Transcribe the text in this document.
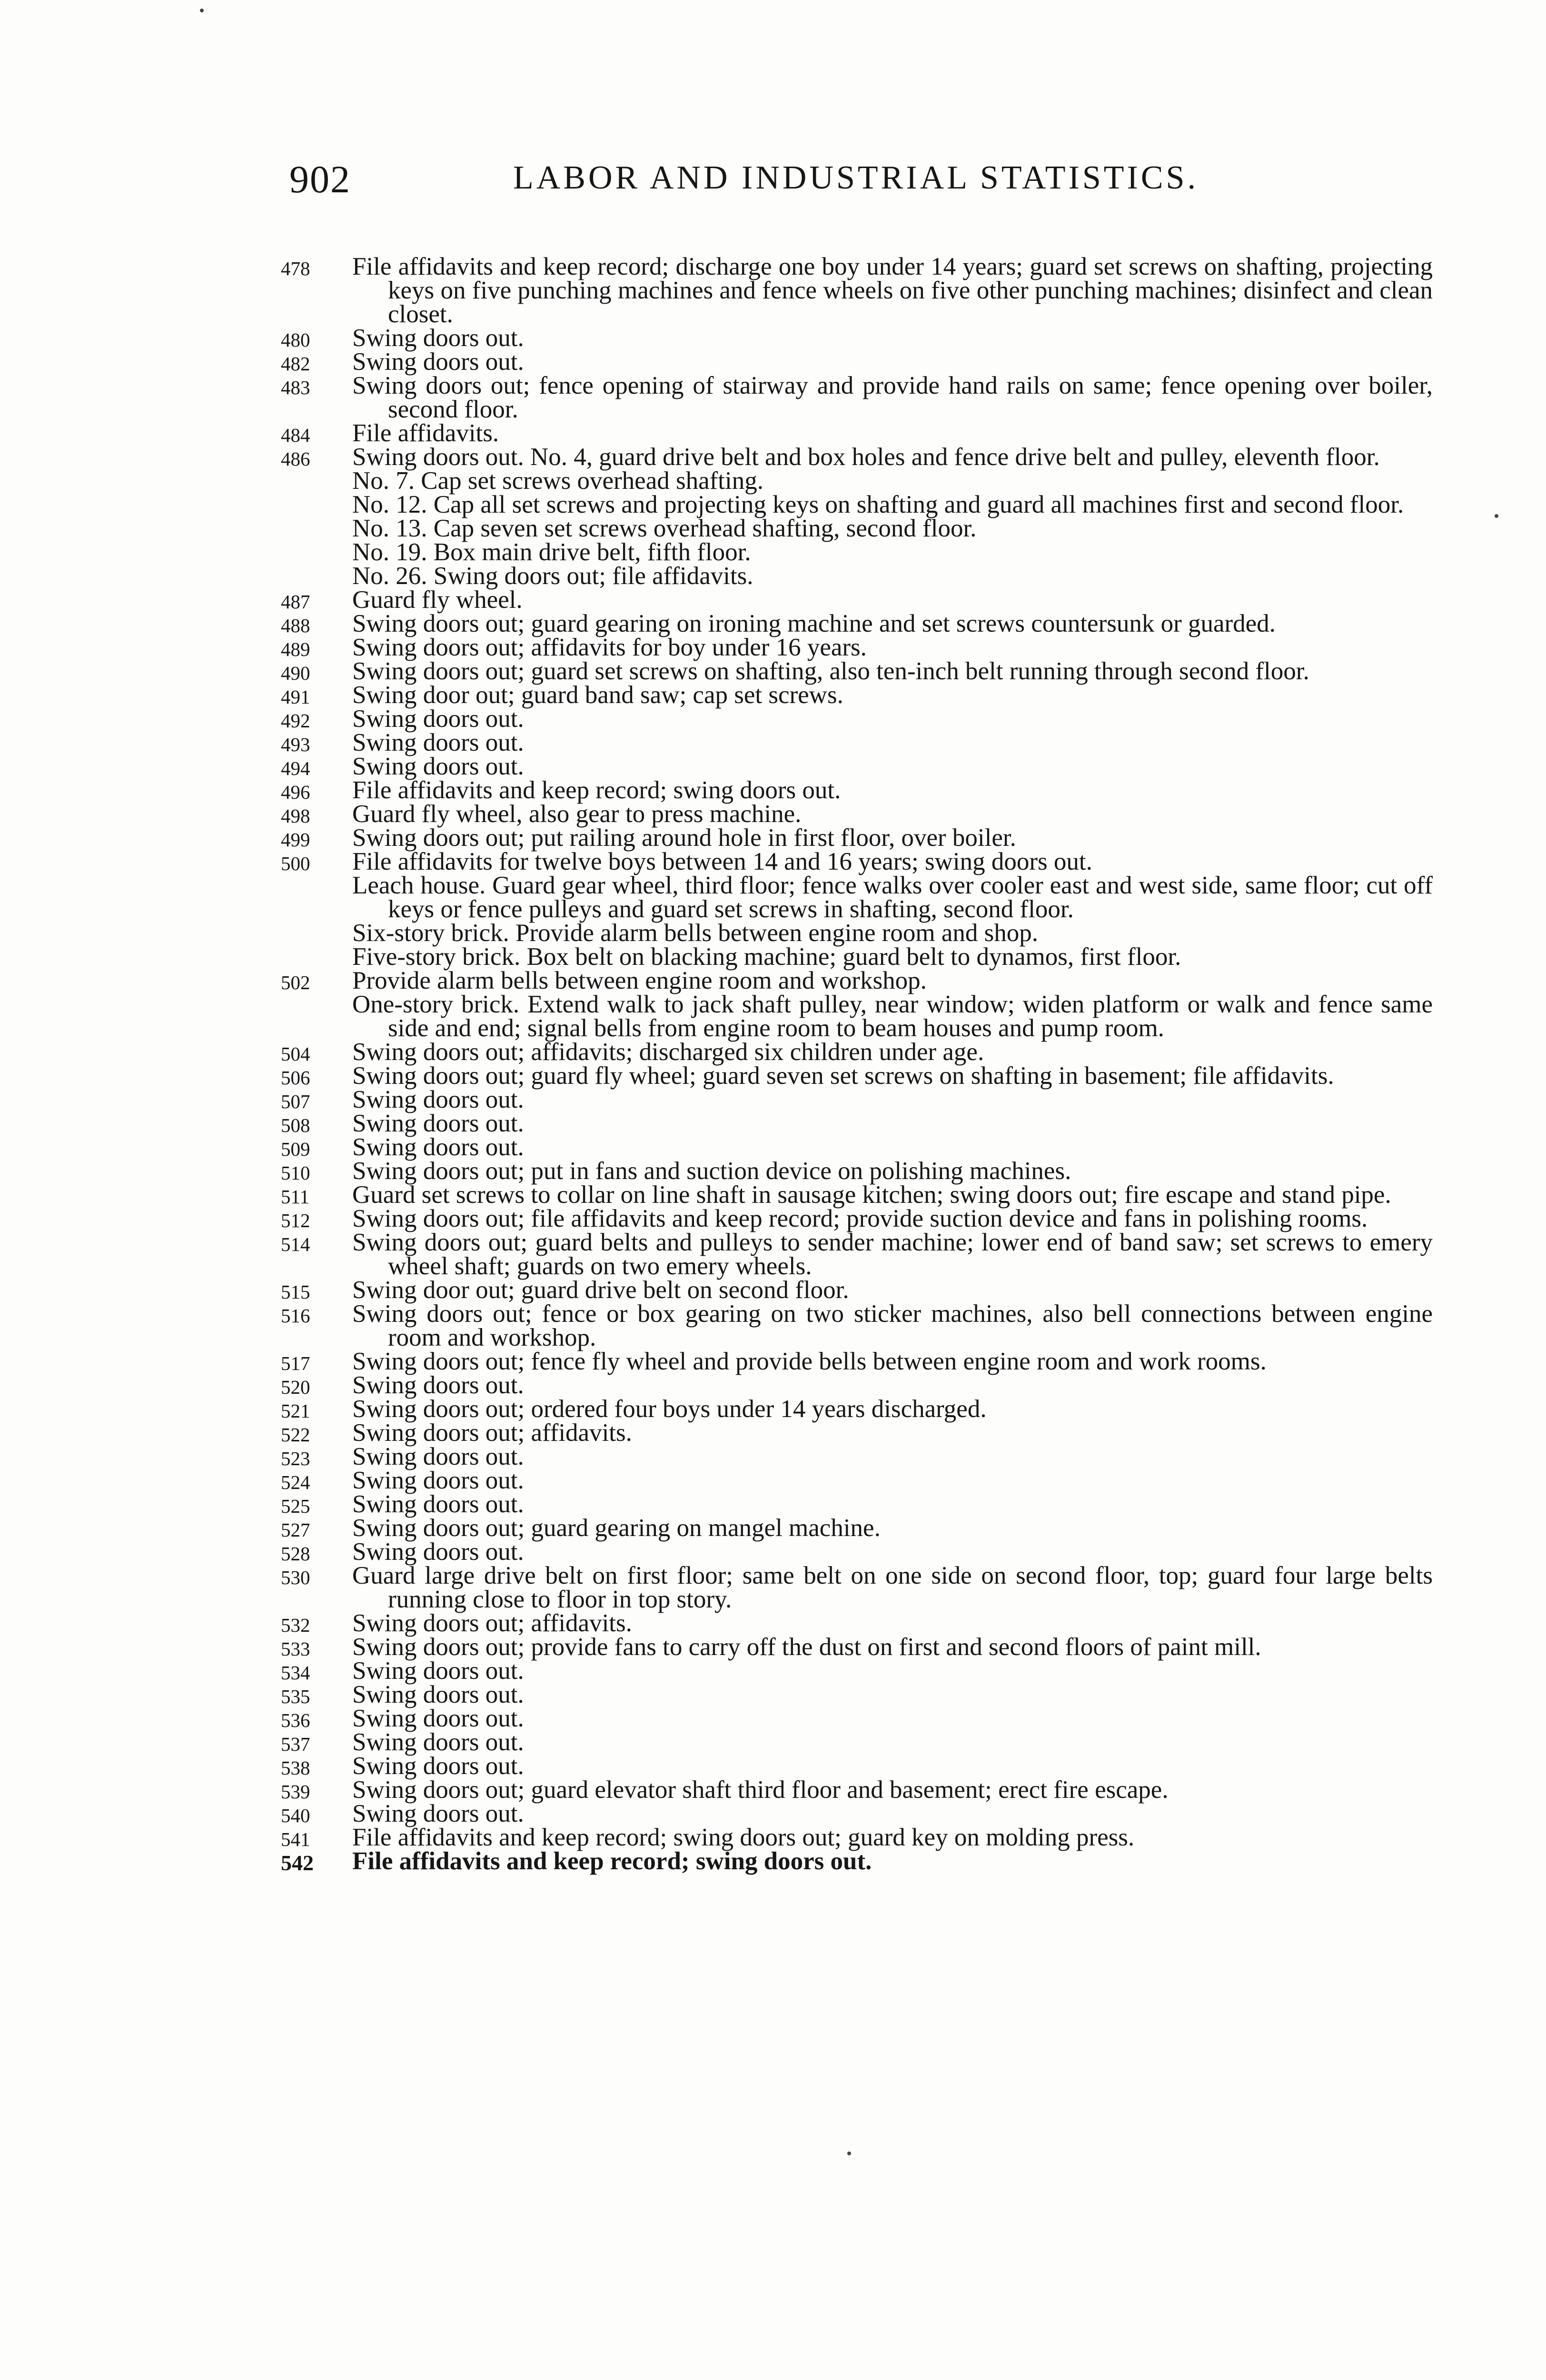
902	LABOR AND INDUSTRIAL STATISTICS.
478	File affidavits and keep record; discharge one boy under 14 years; guard set screws on shafting, projecting keys on five punching machines and fence wheels on five other punching machines; disinfect and clean closet.
480	Swing doors out.
482	Swing doors out.
483	Swing doors out; fence opening of stairway and provide hand rails on same; fence opening over boiler, second floor.
484	File affidavits.
486	Swing doors out. No. 4, guard drive belt and box holes and fence drive belt and pulley, eleventh floor.
No. 7. Cap set screws overhead shafting.
No. 12. Cap all set screws and projecting keys on shafting and guard all machines first and second floor.
No. 13. Cap seven set screws overhead shafting, second floor.
No. 19. Box main drive belt, fifth floor.
No. 26. Swing doors out; file affidavits.
487	Guard fly wheel.
488	Swing doors out; guard gearing on ironing machine and set screws countersunk or guarded.
489	Swing doors out; affidavits for boy under 16 years.
490	Swing doors out; guard set screws on shafting, also ten-inch belt running through second floor.
491	Swing door out; guard band saw; cap set screws.
492	Swing doors out.
493	Swing doors out.
494	Swing doors out.
496	File affidavits and keep record; swing doors out.
498	Guard fly wheel, also gear to press machine.
499	Swing doors out; put railing around hole in first floor, over boiler.
500	File affidavits for twelve boys between 14 and 16 years; swing doors out.
Leach house. Guard gear wheel, third floor; fence walks over cooler east and west side, same floor; cut off keys or fence pulleys and guard set screws in shafting, second floor.
Six-story brick. Provide alarm bells between engine room and shop.
Five-story brick. Box belt on blacking machine; guard belt to dynamos, first floor.
502	Provide alarm bells between engine room and workshop.
One-story brick. Extend walk to jack shaft pulley, near window; widen platform or walk and fence same side and end; signal bells from engine room to beam houses and pump room.
504	Swing doors out; affidavits; discharged six children under age.
506	Swing doors out; guard fly wheel; guard seven set screws on shafting in basement; file affidavits.
507	Swing doors out.
508	Swing doors out.
509	Swing doors out.
510	Swing doors out; put in fans and suction device on polishing machines.
511	Guard set screws to collar on line shaft in sausage kitchen; swing doors out; fire escape and stand pipe.
512	Swing doors out; file affidavits and keep record; provide suction device and fans in polishing rooms.
514	Swing doors out; guard belts and pulleys to sender machine; lower end of band saw; set screws to emery wheel shaft; guards on two emery wheels.
515	Swing door out; guard drive belt on second floor.
516	Swing doors out; fence or box gearing on two sticker machines, also bell connections between engine room and workshop.
517	Swing doors out; fence fly wheel and provide bells between engine room and work rooms.
520	Swing doors out.
521	Swing doors out; ordered four boys under 14 years discharged.
522	Swing doors out; affidavits.
523	Swing doors out.
524	Swing doors out.
525	Swing doors out.
527	Swing doors out; guard gearing on mangel machine.
528	Swing doors out.
530	Guard large drive belt on first floor; same belt on one side on second floor, top; guard four large belts running close to floor in top story.
532	Swing doors out; affidavits.
533	Swing doors out; provide fans to carry off the dust on first and second floors of paint mill.
534	Swing doors out.
535	Swing doors out.
536	Swing doors out.
537	Swing doors out.
538	Swing doors out.
539	Swing doors out; guard elevator shaft third floor and basement; erect fire escape.
540	Swing doors out.
541	File affidavits and keep record; swing doors out; guard key on molding press.
542	File affidavits and keep record; swing doors out.
